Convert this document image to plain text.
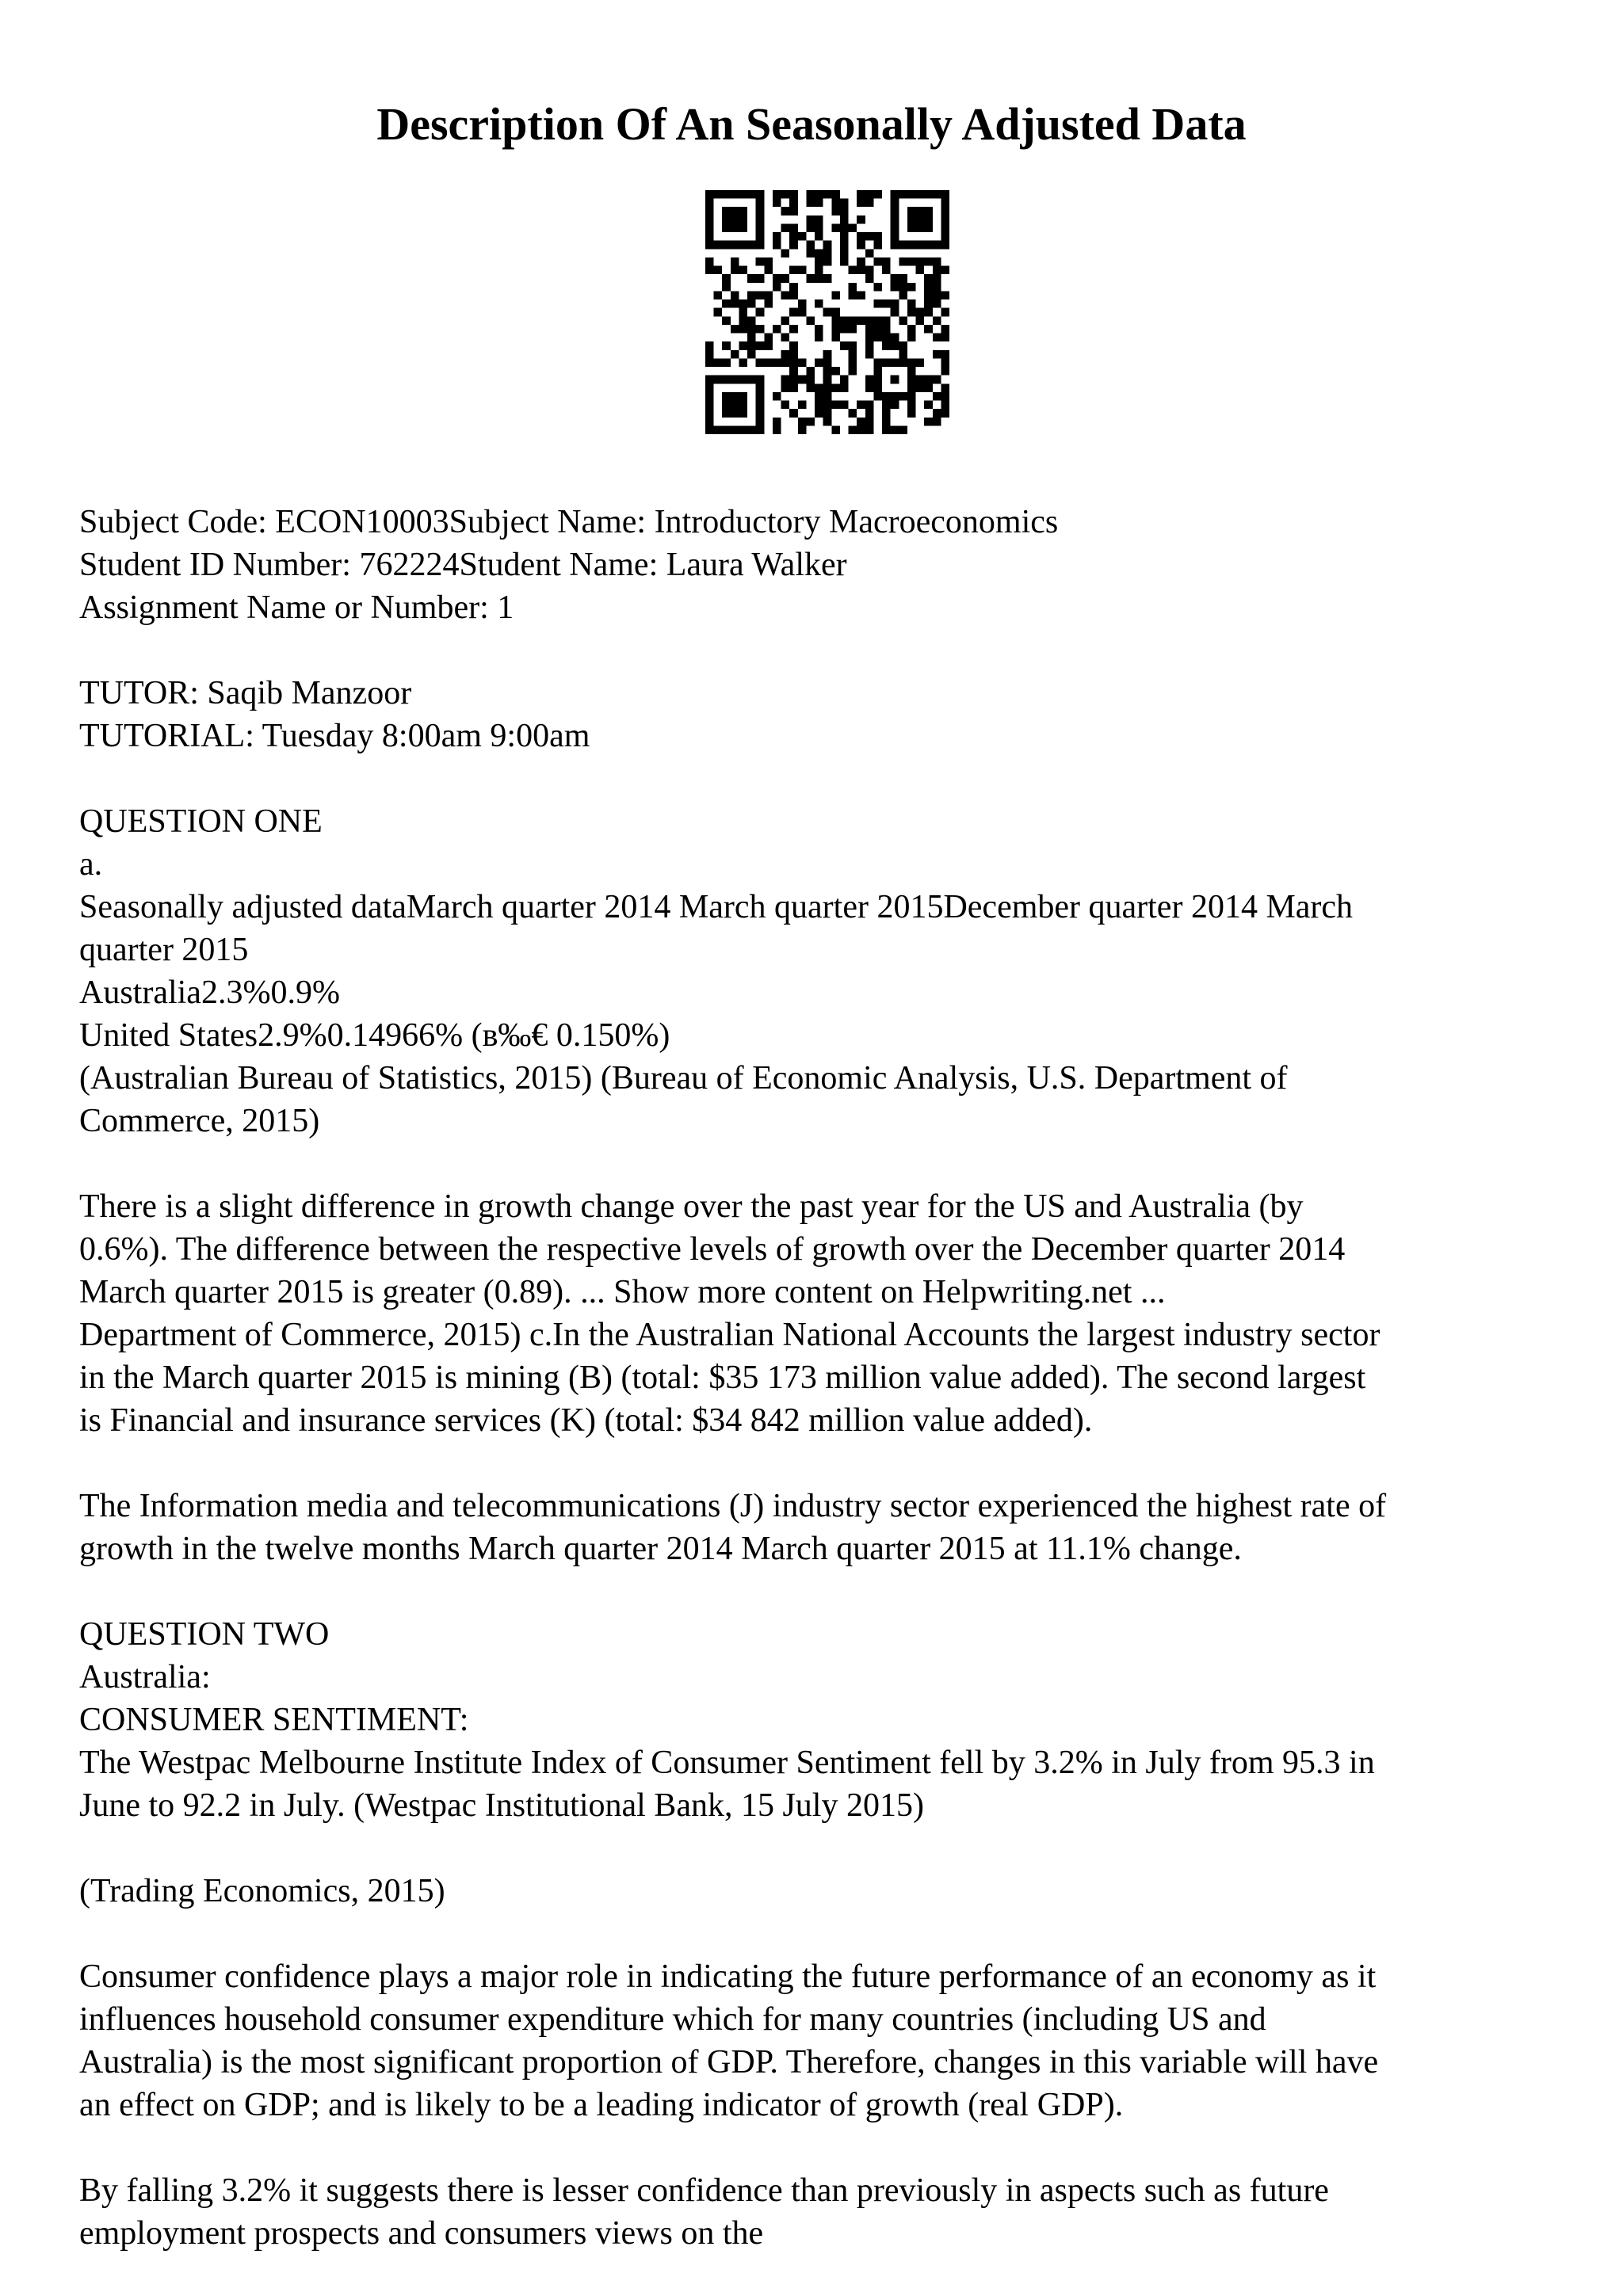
Description Of An Seasonally Adjusted Data
Subject Code: ECON10003Subject Name: Introductory Macroeconomics
Student ID Number: 762224Student Name: Laura Walker
Assignment Name or Number: 1
TUTOR: Saqib Manzoor
TUTORIAL: Tuesday 8:00am 9:00am
QUESTION ONE
a.
Seasonally adjusted dataMarch quarter 2014 March quarter 2015December quarter 2014 March
quarter 2015
Australia2.3%0.9%
United States2.9%0.14966% (в‰€ 0.150%)
(Australian Bureau of Statistics, 2015) (Bureau of Economic Analysis, U.S. Department of
Commerce, 2015)
There is a slight difference in growth change over the past year for the US and Australia (by
0.6%). The difference between the respective levels of growth over the December quarter 2014
March quarter 2015 is greater (0.89). ... Show more content on Helpwriting.net ...
Department of Commerce, 2015) c.In the Australian National Accounts the largest industry sector
in the March quarter 2015 is mining (B) (total: $35 173 million value added). The second largest
is Financial and insurance services (K) (total: $34 842 million value added).
The Information media and telecommunications (J) industry sector experienced the highest rate of
growth in the twelve months March quarter 2014 March quarter 2015 at 11.1% change.
QUESTION TWO
Australia:
CONSUMER SENTIMENT:
The Westpac Melbourne Institute Index of Consumer Sentiment fell by 3.2% in July from 95.3 in
June to 92.2 in July. (Westpac Institutional Bank, 15 July 2015)
(Trading Economics, 2015)
Consumer confidence plays a major role in indicating the future performance of an economy as it
influences household consumer expenditure which for many countries (including US and
Australia) is the most significant proportion of GDP. Therefore, changes in this variable will have
an effect on GDP; and is likely to be a leading indicator of growth (real GDP).
By falling 3.2% it suggests there is lesser confidence than previously in aspects such as future
employment prospects and consumers views on the
